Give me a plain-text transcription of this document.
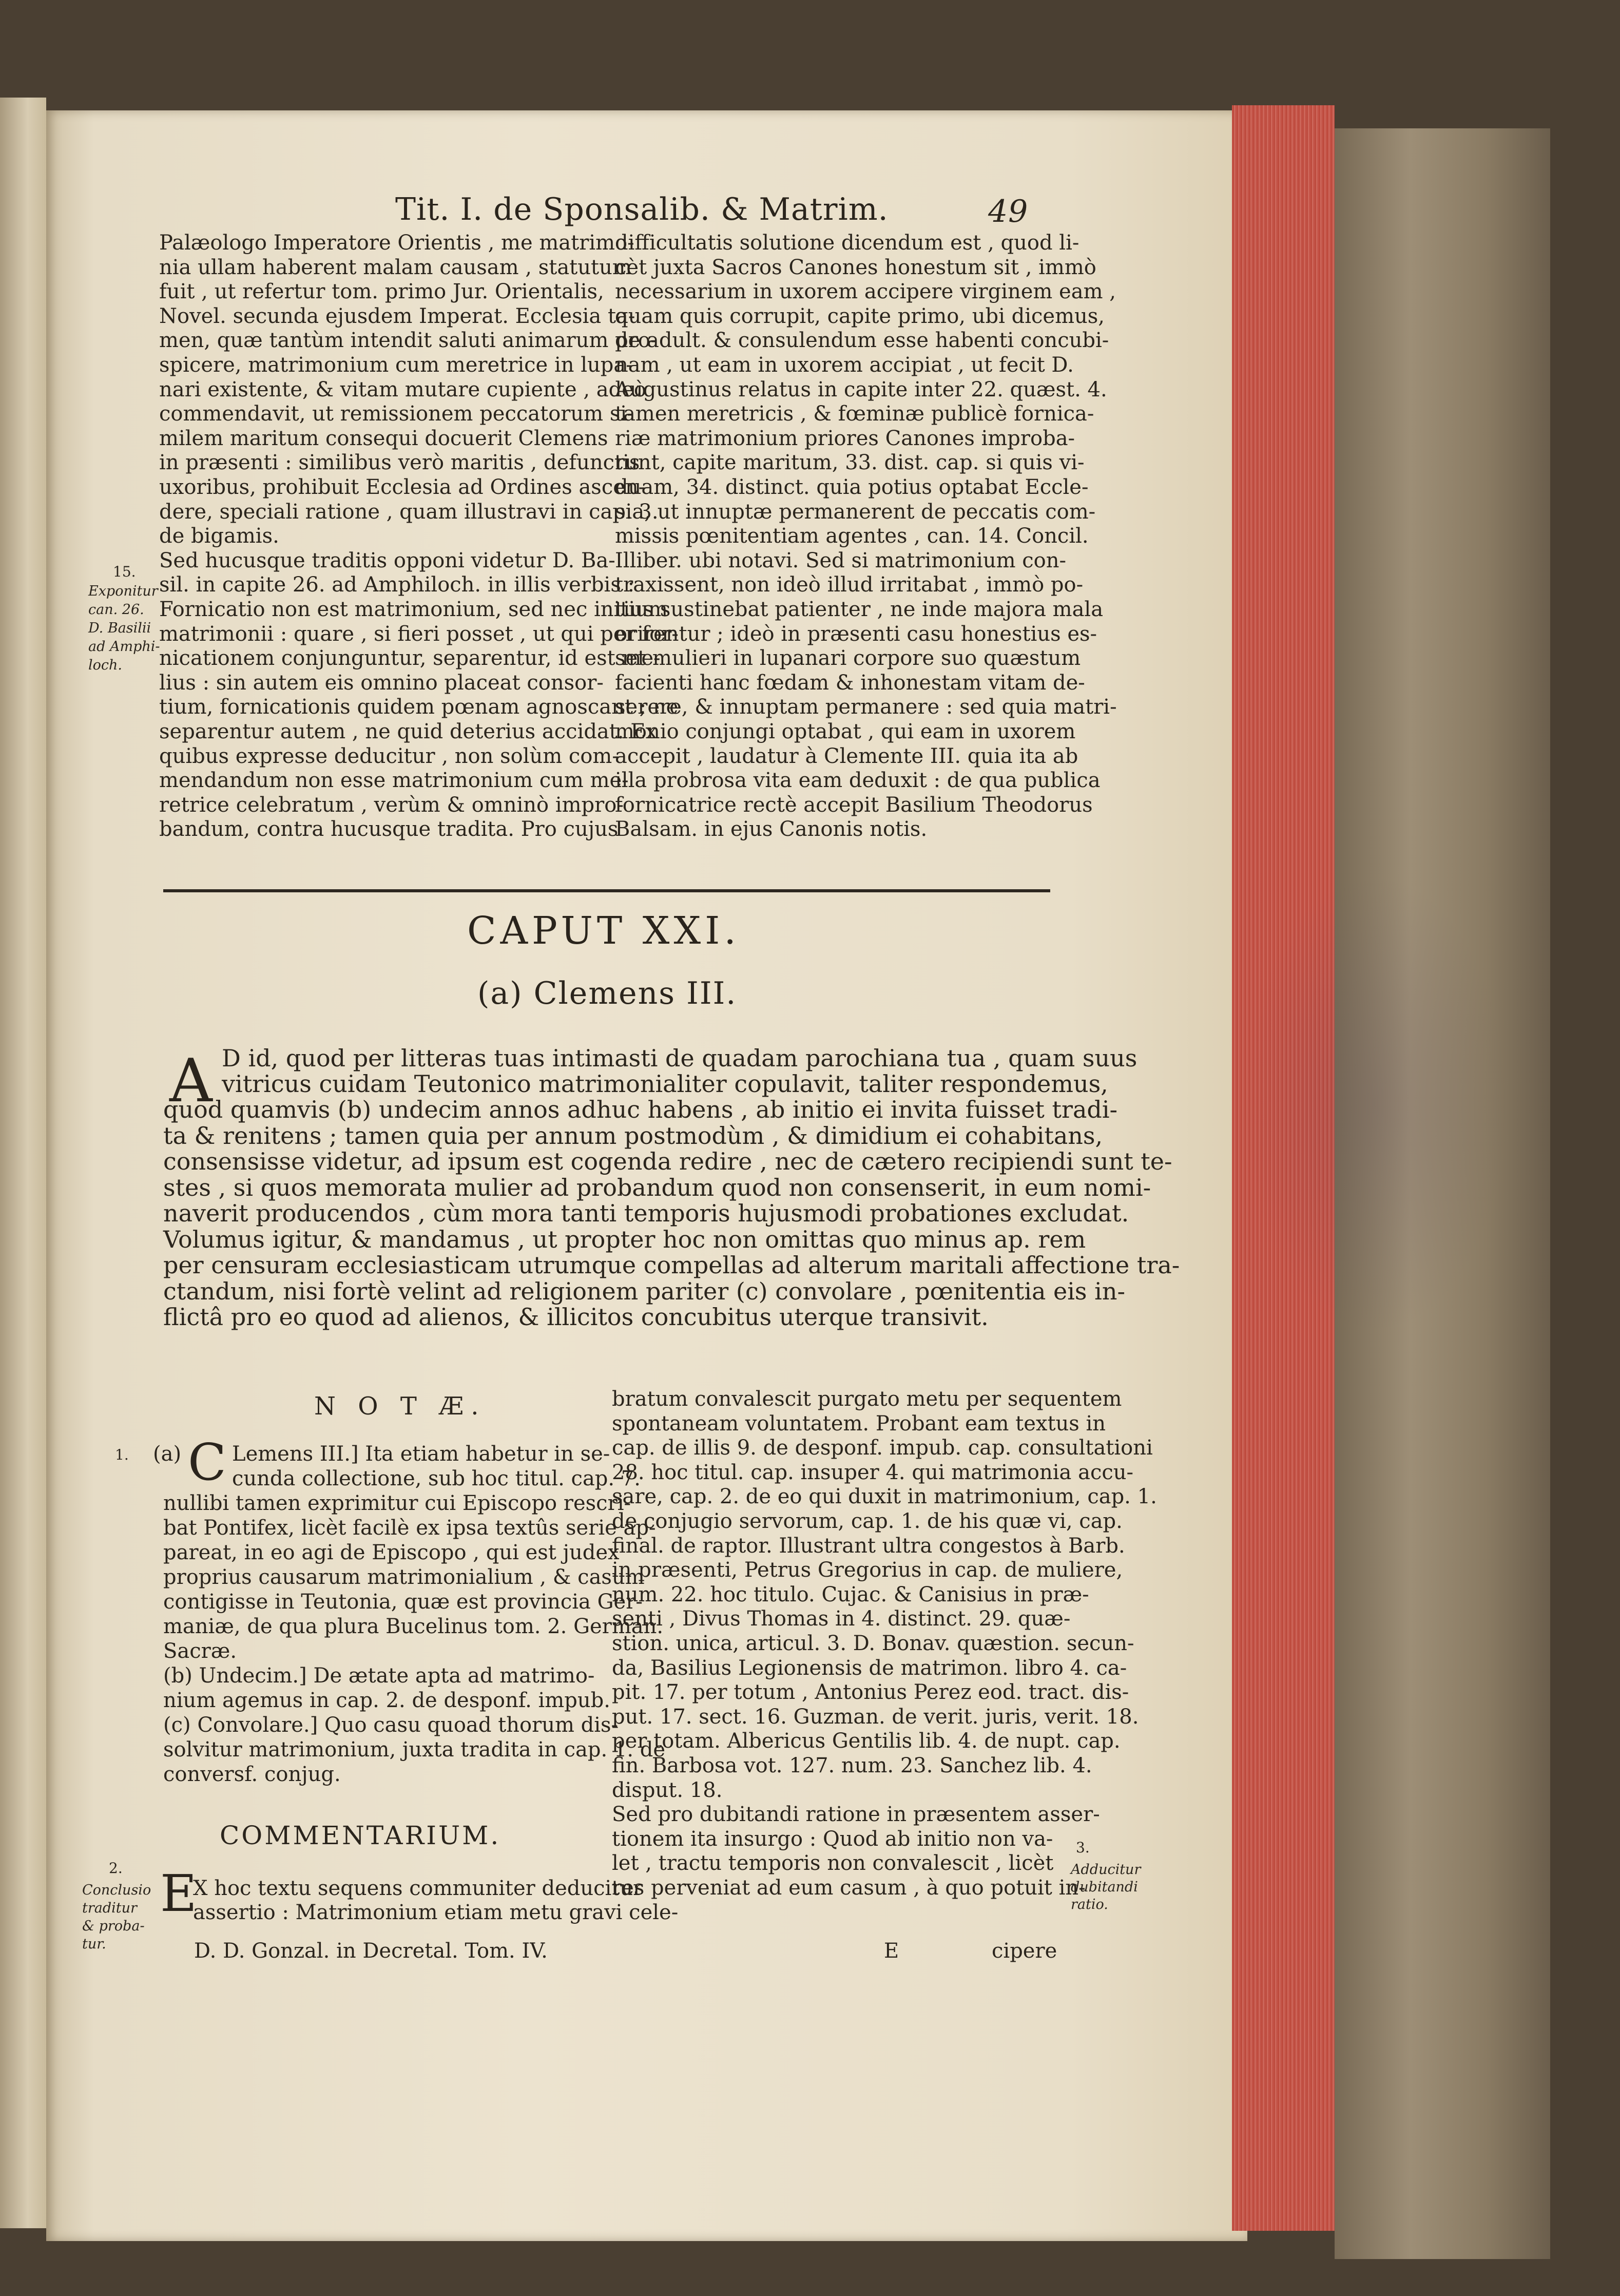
Tit. I. de Sponsalib. & Matrim.	49
Palæologo Imperatore Orientis , me matrimo-
nia ullam haberent malam causam , statutum
fuit , ut refertur tom. primo Jur. Orientalis,
Novel. secunda ejusdem Imperat. Ecclesia ta-
men, quæ tantùm intendit saluti animarum pro-
spicere, matrimonium cum meretrice in lupa-
nari existente, & vitam mutare cupiente , adeò
commendavit, ut remissionem peccatorum si-
milem maritum consequi docuerit Clemens
in præsenti : similibus verò maritis , defunctis
uxoribus, prohibuit Ecclesia ad Ordines ascen-
dere, speciali ratione , quam illustravi in cap. 3.
de bigamis.
Sed hucusque traditis opponi videtur D. Ba-
sil. in capite 26. ad Amphiloch. in illis verbis :
Fornicatio non est matrimonium, sed nec initium
matrimonii : quare , si fieri posset , ut qui per for-
nicationem conjunguntur, separentur, id est me-
lius : sin autem eis omnino placeat consor-
tium, fornicationis quidem pœnam agnoscant ; ne
separentur autem , ne quid deterius accidat. Ex
quibus expresse deducitur , non solùm com-
mendandum non esse matrimonium cum me-
retrice celebratum , verùm & omninò impro-
bandum, contra hucusque tradita. Pro cujus
Exponitur
can. 26.
D. Basilii
ad Amphi-
loch.
15.
difficultatis solutione dicendum est , quod li-
cèt juxta Sacros Canones honestum sit , immò
necessarium in uxorem accipere virginem eam ,
quam quis corrupit, capite primo, ubi dicemus,
de adult. & consulendum esse habenti concubi-
nam , ut eam in uxorem accipiat , ut fecit D.
Augustinus relatus in capite inter 22. quæst. 4.
tamen meretricis , & fœminæ publicè fornica-
riæ matrimonium priores Canones improba-
runt, capite maritum, 33. dist. cap. si quis vi-
duam, 34. distinct. quia potius optabat Eccle-
sia, ut innuptæ permanerent de peccatis com-
missis pœnitentiam agentes , can. 14. Concil.
Illiber. ubi notavi. Sed si matrimonium con-
traxissent, non ideò illud irritabat , immò po-
tius sustinebat patienter , ne inde majora mala
orirentur ; ideò in præsenti casu honestius es-
set mulieri in lupanari corpore suo quæstum
facienti hanc fœdam & inhonestam vitam de-
serere, & innuptam permanere : sed quia matri-
monio conjungi optabat , qui eam in uxorem
accepit , laudatur à Clemente III. quia ita ab
illa probrosa vita eam deduxit : de qua publica
fornicatrice rectè accepit Basilium Theodorus
Balsam. in ejus Canonis notis.
CAPUT XXI.
(a) Clemens III.
A D id, quod per litteras tuas intimasti de quadam parochiana tua , quam suus
vitricus cuidam Teutonico matrimonialiter copulavit, taliter respondemus,
quod quamvis (b) undecim annos adhuc habens , ab initio ei invita fuisset tradi-
ta & renitens ; tamen quia per annum postmodùm , & dimidium ei cohabitans,
consensisse videtur, ad ipsum est cogenda redire , nec de cætero recipiendi sunt te-
stes , si quos memorata mulier ad probandum quod non consenserit, in eum nomi-
naverit producendos , cùm mora tanti temporis hujusmodi probationes excludat.
Volumus igitur, & mandamus , ut propter hoc non omittas quo minus ap. rem
per censuram ecclesiasticam utrumque compellas ad alterum maritali affectione tra-
ctandum, nisi fortè velint ad religionem pariter (c) convolare , pœnitentia eis in-
flictâ pro eo quod ad alienos, & illicitos concubitus uterque transivit.
N O T Æ.
1. (a) C Lemens III.] Ita etiam habetur in se-
cunda collectione, sub hoc titul. cap. 7.
nullibi tamen exprimitur cui Episcopo rescri-
bat Pontifex, licèt facilè ex ipsa textûs serie ap-
pareat, in eo agi de Episcopo , qui est judex
proprius causarum matrimonialium , & casum
contigisse in Teutonia, quæ est provincia Ger-
maniæ, de qua plura Bucelinus tom. 2. German.
Sacræ.
(b) Undecim.] De ætate apta ad matrimo-
nium agemus in cap. 2. de desponf. impub.
(c) Convolare.] Quo casu quoad thorum dis-
solvitur matrimonium, juxta tradita in cap. 1. de
conversf. conjug.
COMMENTARIUM.
2.
Conclusio
traditur
& proba-
tur.
E
X hoc textu sequens communiter deducitur
assertio : Matrimonium etiam metu gravi cele-
D. D. Gonzal. in Decretal. Tom. IV.
bratum convalescit purgato metu per sequentem
spontaneam voluntatem. Probant eam textus in
cap. de illis 9. de desponf. impub. cap. consultationi
28. hoc titul. cap. insuper 4. qui matrimonia accu-
sare, cap. 2. de eo qui duxit in matrimonium, cap. 1.
de conjugio servorum, cap. 1. de his quæ vi, cap.
final. de raptor. Illustrant ultra congestos à Barb.
in præsenti, Petrus Gregorius in cap. de muliere,
num. 22. hoc titulo. Cujac. & Canisius in præ-
senti , Divus Thomas in 4. distinct. 29. quæ-
stion. unica, articul. 3. D. Bonav. quæstion. secun-
da, Basilius Legionensis de matrimon. libro 4. ca-
pit. 17. per totum , Antonius Perez eod. tract. dis-
put. 17. sect. 16. Guzman. de verit. juris, verit. 18.
per totam. Albericus Gentilis lib. 4. de nupt. cap.
fin. Barbosa vot. 127. num. 23. Sanchez lib. 4.
disput. 18.
Sed pro dubitandi ratione in præsentem asser-
tionem ita insurgo : Quod ab initio non va-
let , tractu temporis non convalescit , licèt
res perveniat ad eum casum , à quo potuit in-
E	cipere
3.
Adducitur
dubitandi
ratio.
